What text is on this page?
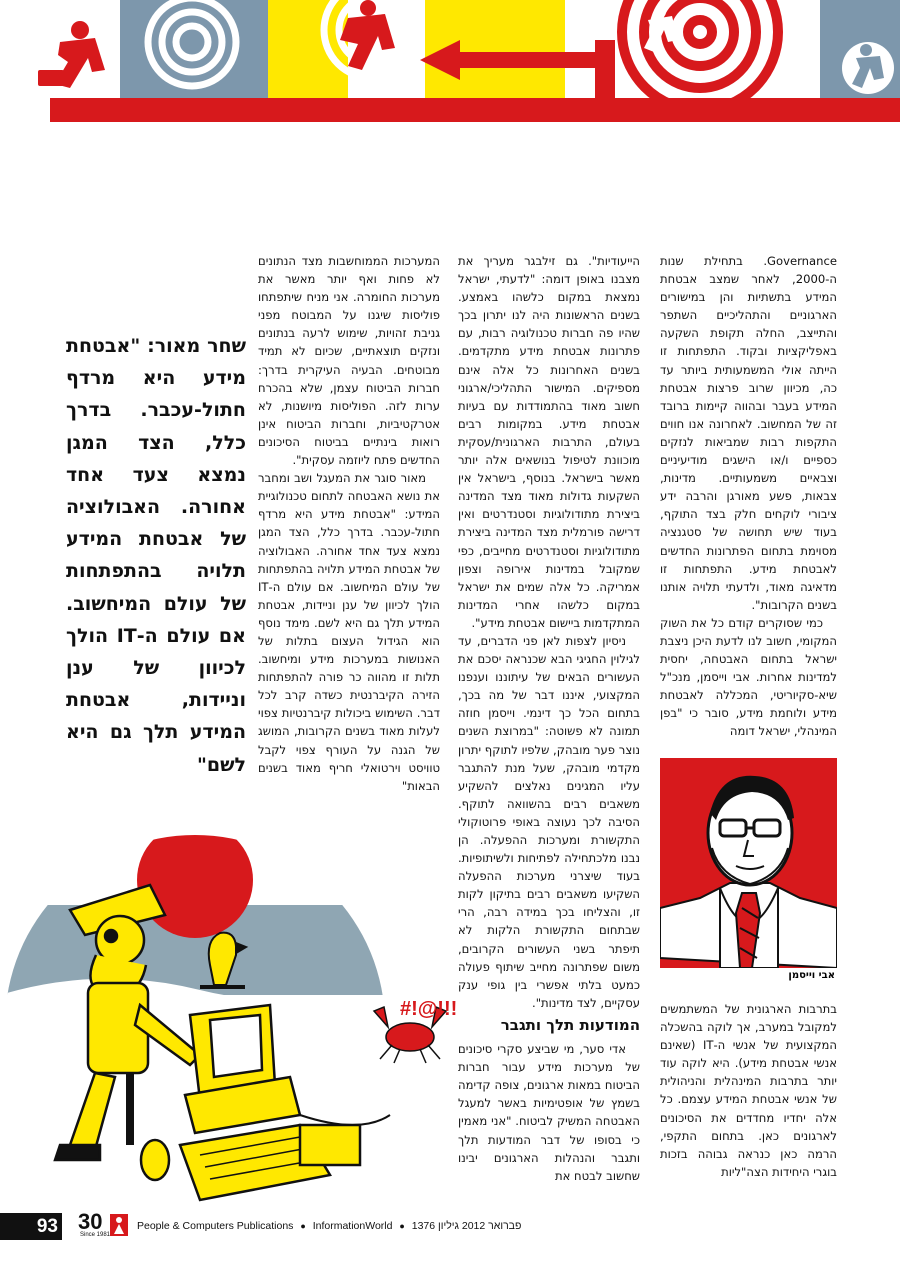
Governance. בתחילת שנות ה-2000, לאחר שמצב אבטחת המידע בתשתיות והן במישורים הארגוניים והתהליכיים השתפר והתייצב, החלה תקופת השקעה באפליקציות ובקוד. התפתחות זו הייתה אולי המשמעותית ביותר עד כה, מכיוון שרוב פרצות אבטחת המידע בעבר ובהווה קיימות ברובד זה של המחשוב. לאחרונה אנו חווים התקפות רבות שמביאות לנזקים כספיים ו/או הישגים מודיעיניים וצבאיים משמעותיים. מדינות, צבאות, פשע מאורגן והרבה ידע ציבורי לוקחים חלק בצד התוקף, בעוד שיש תחושה של סטגנציה מסוימת בתחום הפתרונות החדשים לאבטחת מידע. התפתחות זו מדאיגה מאוד, ולדעתי תלויה אותנו בשנים הקרובות".

כמי שסוקרים קודם כל את השוק המקומי, חשוב לנו לדעת היכן ניצבת ישראל בתחום האבטחה, יחסית למדינות אחרות. אבי וייסמן, מנכ"ל שיא-סקיוריטי, המכללה לאבטחת מידע ולוחמת מידע, סובר כי "בפן המינהלי, ישראל דומה

בתרבות הארגונית של המשתמשים למקובל במערב, אך לוקה בהשכלה המקצועית של אנשי ה-IT (שאינם אנשי אבטחת מידע). היא לוקה עוד יותר בתרבות המינהלית והניהולית של אנשי אבטחת המידע עצמם. כל אלה יחדיו מחדדים את הסיכונים לארגונים כאן. בתחום התקפי, הרמה כאן כנראה גבוהה בזכות בוגרי היחידות הצה"ליות

הייעודיות". גם זילבגר מעריך את מצבנו באופן דומה: "לדעתי, ישראל נמצאת במקום כלשהו באמצע. בשנים הראשונות היה לנו יתרון בכך שהיו פה חברות טכנולוגיה רבות, עם פתרונות אבטחת מידע מתקדמים. בשנים האחרונות כל אלה אינם מספיקים. המישור התהליכי/ארגוני חשוב מאוד בהתמודדות עם בעיות אבטחת מידע. במקומות רבים בעולם, התרבות הארגונית/עסקית מוכוונת לטיפול בנושאים אלה יותר מאשר בישראל. בנוסף, בישראל אין השקעות גדולות מאוד מצד המדינה ביצירת מתודולוגיות וסטנדרטים ואין דרישה פורמלית מצד המדינה ביצירת מתודולוגיות וסטנדרטים מחייבים, כפי שמקובל במדינות אירופה וצפון אמריקה. כל אלה שמים את ישראל במקום כלשהו אחרי המדינות המתקדמות ביישום אבטחת מידע".

ניסיון לצפות לאן פני הדברים, עד לגילוין החגיגי הבא שכנראה יסכם את העשורים הבאים של עיתוננו וענפנו המקצועי, איננו דבר של מה בכך, בתחום הכל כך דינמי. וייסמן חוזה תמונה לא פשוטה: "במרוצת השנים נוצר פער מובהק, שלפיו לתוקף יתרון מקדמי מובהק, שעל מנת להתגבר עליו המגינים נאלצים להשקיע משאבים רבים בהשוואה לתוקף. הסיבה לכך נעוצה באופי פרוטוקולי התקשורת ומערכות ההפעלה. הן נבנו מלכתחילה לפתיחות ולשיתופיות. בעוד שיצרני מערכות ההפעלה השקיעו משאבים רבים בתיקון לקות זו, והצליחו בכך במידה רבה, הרי שבתחום התקשורת הלקות לא תיפתר בשני העשורים הקרובים, משום שפתרונה מחייב שיתוף פעולה כמעט בלתי אפשרי בין גופי ענק עסקיים, לצד מדינות".

המודעות תלך ותגבר

אדי סער, מי שביצע סקרי סיכונים של מערכות מידע עבור חברות הביטוח במאות ארגונים, צופה קדימה בשמץ של אופטימיות באשר למעגל האבטחה המשיק לביטוח. "אני מאמין כי בסופו של דבר המודעות תלך ותגבר והנהלות הארגונים יבינו שחשוב לבטח את

המערכות הממוחשבות מצד הנתונים לא פחות ואף יותר מאשר את מערכות החומרה. אני מניח שיתפתחו פוליסות שיגנו על המבוטח מפני גניבת זהויות, שימוש לרעה בנתונים ונזקים תוצאתיים, שכיום לא תמיד מבוטחים. הבעיה העיקרית בדרך: חברות הביטוח עצמן, שלא בהכרח ערות לזה. הפוליסות מיושנות, לא אטרקטיביות, וחברות הביטוח אינן רואות בינתיים בביטוח הסיכונים החדשים פתח ליוזמה עסקית".

מאור סוגר את המעגל ושב ומחבר את נושא האבטחה לתחום טכנולוגיית המידע: "אבטחת מידע היא מרדף חתול-עכבר. בדרך כלל, הצד המגן נמצא צעד אחד אחורה. האבולוציה של אבטחת המידע תלויה בהתפתחות של עולם המיחשוב. אם עולם ה-IT הולך לכיוון של ענן וניידות, אבטחת המידע תלך גם היא לשם. מימד נוסף הוא הגידול העצום בתלות של האנושות במערכות מידע ומיחשוב. תלות זו מהווה כר פורה להתפתחות הזירה הקיברנטית כשדה קרב לכל דבר. השימוש ביכולות קיברנטיות צפוי לעלות מאוד בשנים הקרובות, המושג של הגנה על העורף צפוי לקבל טוויסט וירטואלי חריף מאוד בשנים הבאות"

שחר מאור: "אבטחת מידע היא מרדף חתול-עכבר. בדרך כלל, הצד המגן נמצא צעד אחד אחורה. האבולוציה של אבטחת המידע תלויה בהתפתחות של עולם המיחשוב. אם עולם ה-IT הולך לכיוון של ענן וניידות, אבטחת המידע תלך גם היא לשם"

אבי וייסמן
#!@!!!
93 30
Since 1981
People & Computers Publications ● InformationWorld ● פברואר 2012 גיליון 1376
